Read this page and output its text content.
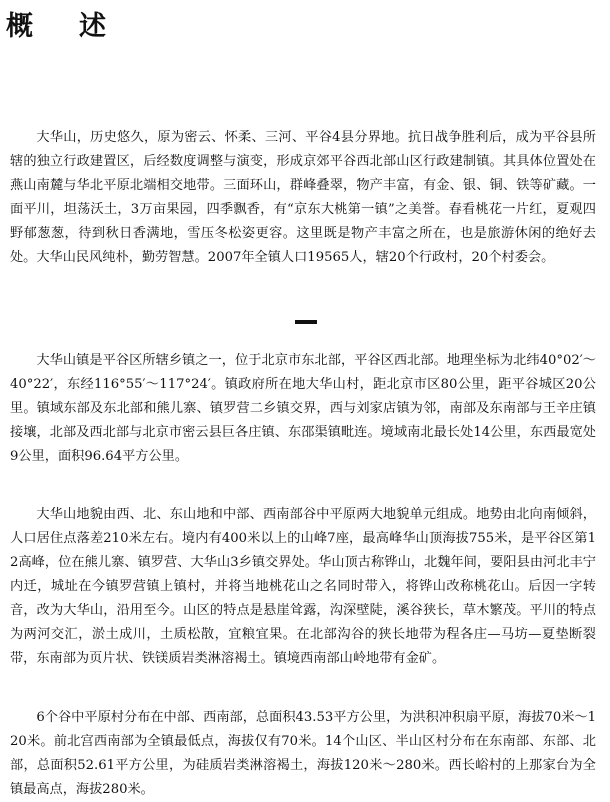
概述

大华山，历史悠久，原为密云、怀柔、三河、平谷4县分界地。抗日战争胜利后，成为平谷县所辖的独立行政建置区，后经数度调整与演变，形成京郊平谷西北部山区行政建制镇。其具体位置处在燕山南麓与华北平原北端相交地带。三面环山，群峰叠翠，物产丰富，有金、银、铜、铁等矿藏。一面平川，坦荡沃土，3万亩果园，四季飘香，有“京东大桃第一镇”之美誉。春看桃花一片红，夏观四野郁葱葱，待到秋日香满地，雪压冬松姿更容。这里既是物产丰富之所在，也是旅游休闲的绝好去处。大华山民风纯朴，勤劳智慧。2007年全镇人口19565人，辖20个行政村，20个村委会。

大华山镇是平谷区所辖乡镇之一，位于北京市东北部，平谷区西北部。地理坐标为北纬40°02′～40°22′，东经116°55′～117°24′。镇政府所在地大华山村，距北京市区80公里，距平谷城区20公里。镇域东部及东北部和熊儿寨、镇罗营二乡镇交界，西与刘家店镇为邻，南部及东南部与王辛庄镇接壤，北部及西北部与北京市密云县巨各庄镇、东邵渠镇毗连。境域南北最长处14公里，东西最宽处9公里，面积96.64平方公里。

大华山地貌由西、北、东山地和中部、西南部谷中平原两大地貌单元组成。地势由北向南倾斜，人口居住点落差210米左右。境内有400米以上的山峰7座，最高峰华山顶海拔755米，是平谷区第12高峰，位在熊儿寨、镇罗营、大华山3乡镇交界处。华山顶古称铧山，北魏年间，要阳县由河北丰宁内迁，城址在今镇罗营镇上镇村，并将当地桃花山之名同时带入，将铧山改称桃花山。后因一字转音，改为大华山，沿用至今。山区的特点是悬崖耸露，沟深壁陡，溪谷狭长，草木繁茂。平川的特点为两河交汇，淤土成川，土质松散，宜粮宜果。在北部沟谷的狭长地带为程各庄—马坊—夏垫断裂带，东南部为页片状、铁镁质岩类淋溶褐土。镇境西南部山岭地带有金矿。

6个谷中平原村分布在中部、西南部，总面积43.53平方公里，为洪积冲积扇平原，海拔70米～120米。前北宫西南部为全镇最低点，海拔仅有70米。14个山区、半山区村分布在东南部、东部、北部，总面积52.61平方公里，为硅质岩类淋溶褐土，海拔120米～280米。西长峪村的上那家台为全镇最高点，海拔280米。
